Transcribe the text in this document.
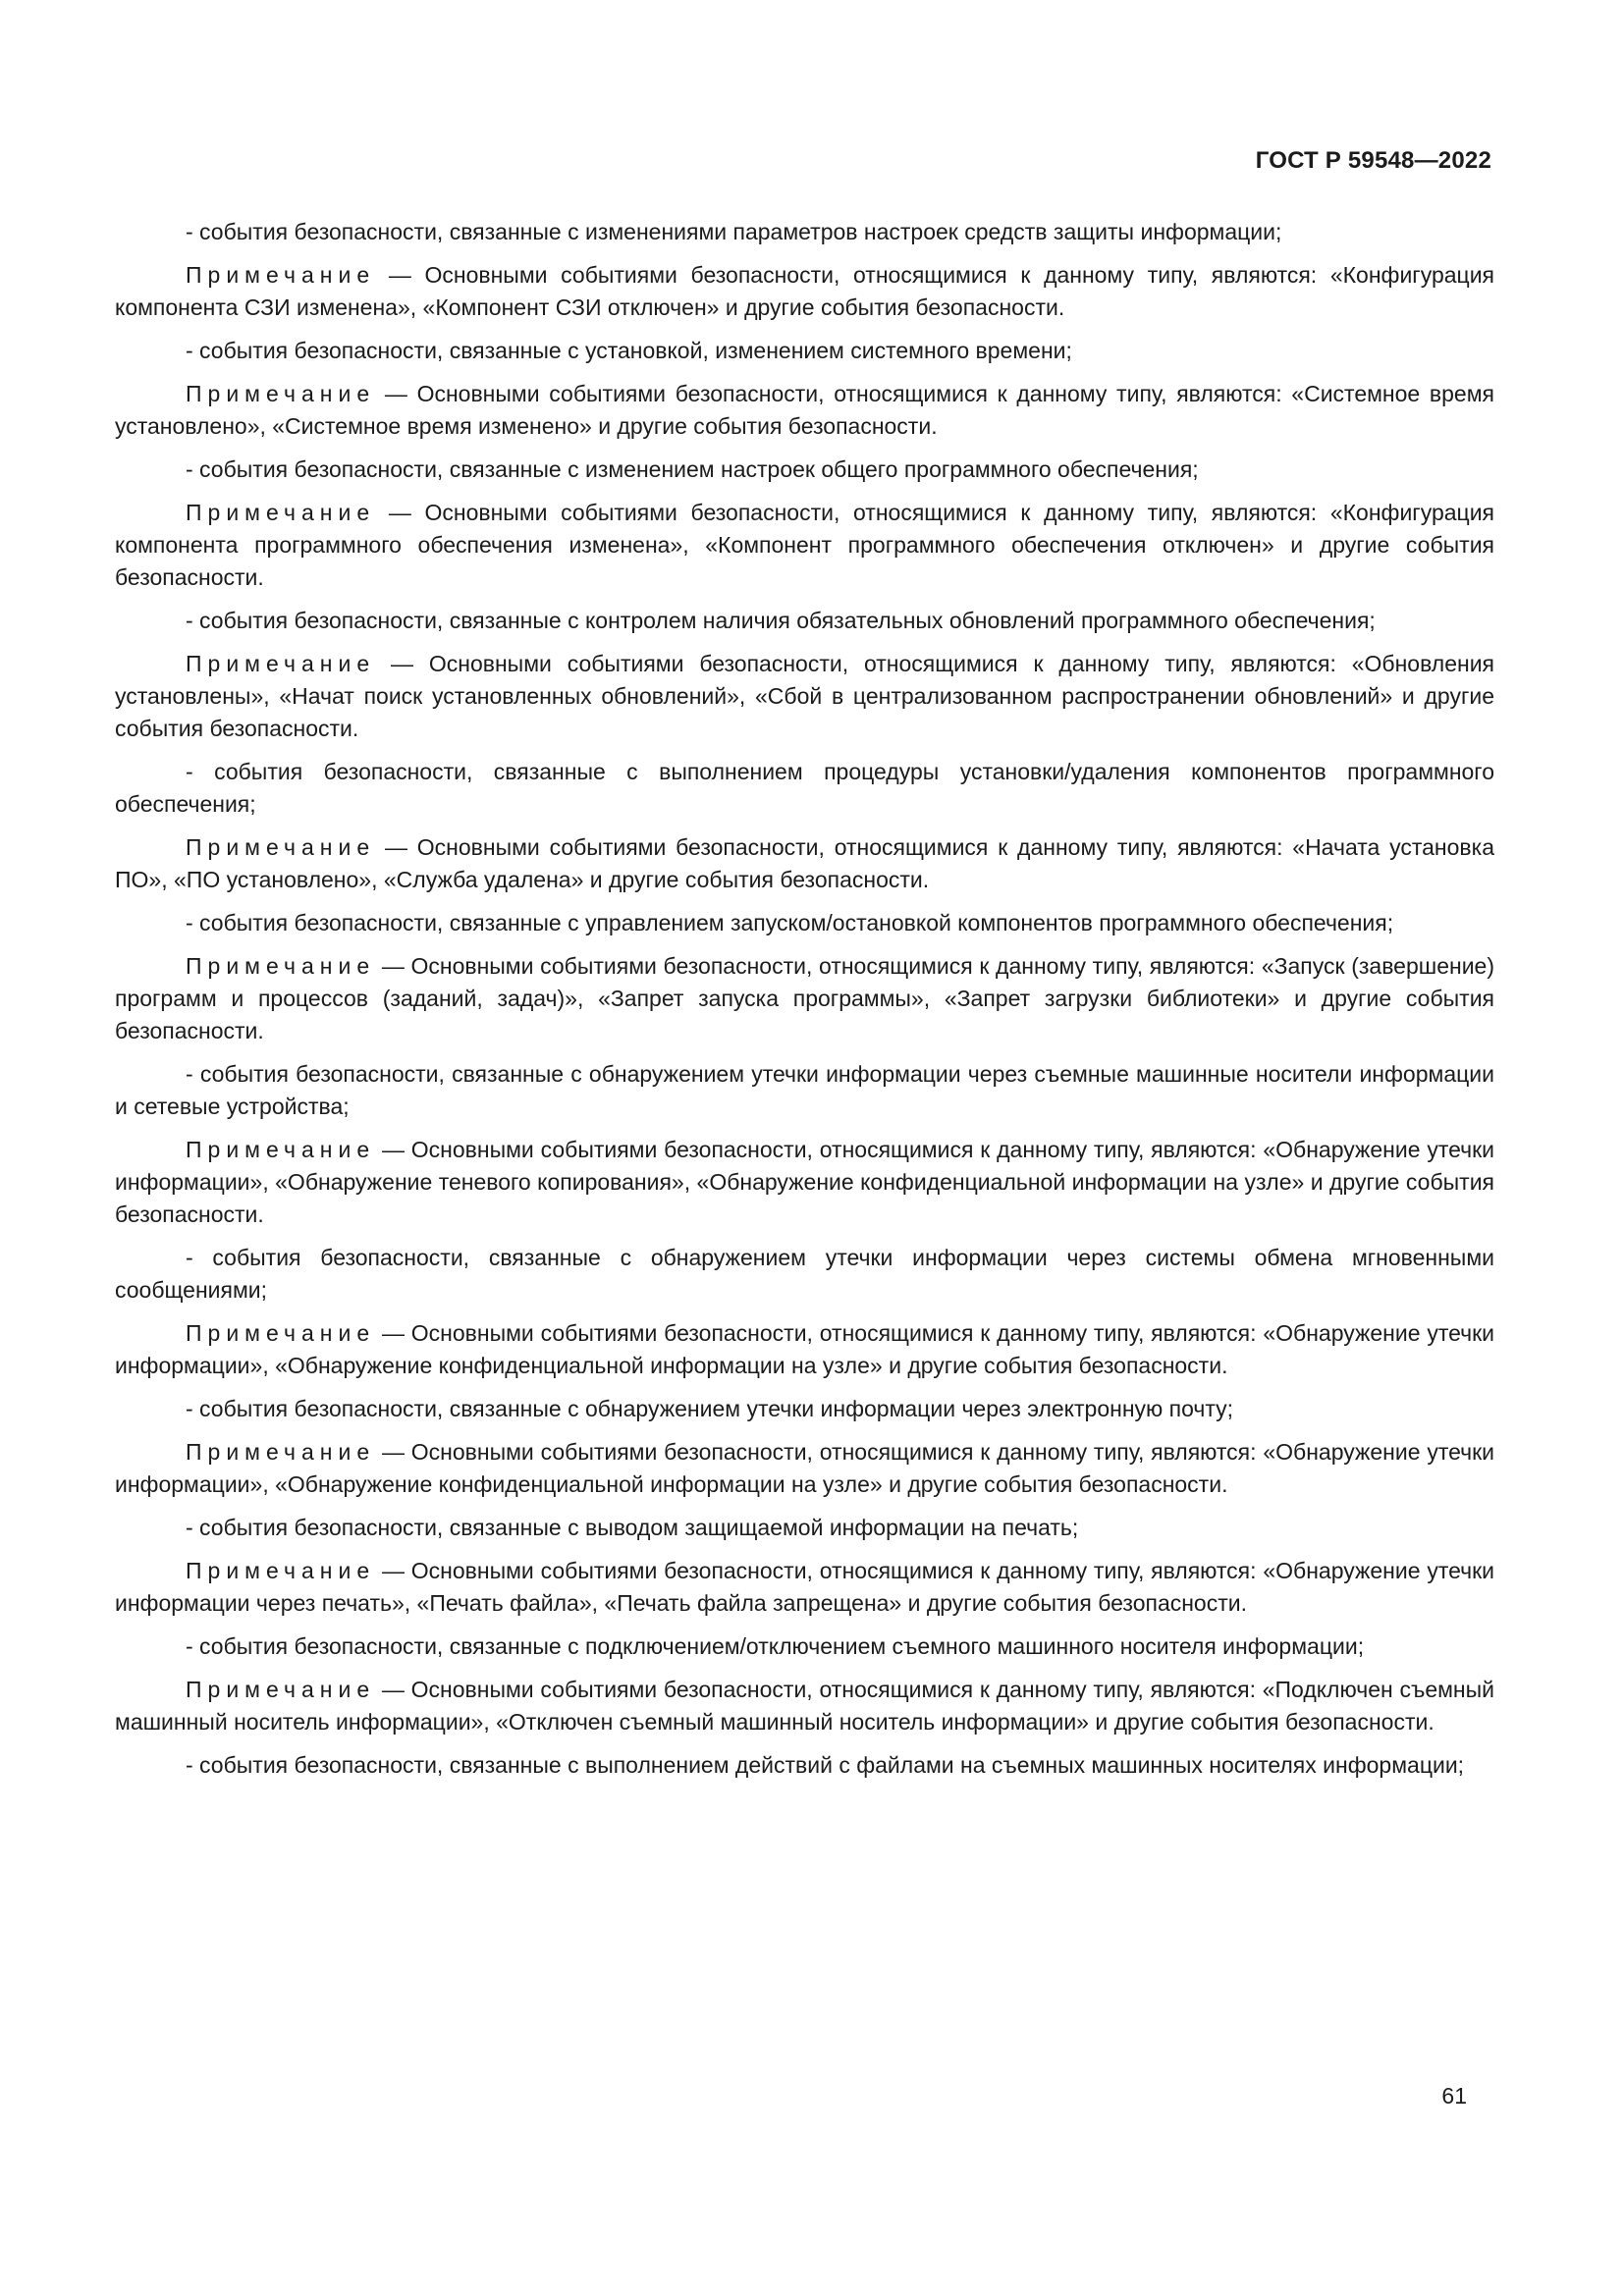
ГОСТ Р 59548—2022

- события безопасности, связанные с изменениями параметров настроек средств защиты информации;

Примечание — Основными событиями безопасности, относящимися к данному типу, являются: «Конфигурация компонента СЗИ изменена», «Компонент СЗИ отключен» и другие события безопасности.

- события безопасности, связанные с установкой, изменением системного времени;

Примечание — Основными событиями безопасности, относящимися к данному типу, являются: «Системное время установлено», «Системное время изменено» и другие события безопасности.

- события безопасности, связанные с изменением настроек общего программного обеспечения;

Примечание — Основными событиями безопасности, относящимися к данному типу, являются: «Конфигурация компонента программного обеспечения изменена», «Компонент программного обеспечения отключен» и другие события безопасности.

- события безопасности, связанные с контролем наличия обязательных обновлений программного обеспечения;

Примечание — Основными событиями безопасности, относящимися к данному типу, являются: «Обновления установлены», «Начат поиск установленных обновлений», «Сбой в централизованном распространении обновлений» и другие события безопасности.

- события безопасности, связанные с выполнением процедуры установки/удаления компонентов программного обеспечения;

Примечание — Основными событиями безопасности, относящимися к данному типу, являются: «Начата установка ПО», «ПО установлено», «Служба удалена» и другие события безопасности.

- события безопасности, связанные с управлением запуском/остановкой компонентов программного обеспечения;

Примечание — Основными событиями безопасности, относящимися к данному типу, являются: «Запуск (завершение) программ и процессов (заданий, задач)», «Запрет запуска программы», «Запрет загрузки библиотеки» и другие события безопасности.

- события безопасности, связанные с обнаружением утечки информации через съемные машинные носители информации и сетевые устройства;

Примечание — Основными событиями безопасности, относящимися к данному типу, являются: «Обнаружение утечки информации», «Обнаружение теневого копирования», «Обнаружение конфиденциальной информации на узле» и другие события безопасности.

- события безопасности, связанные с обнаружением утечки информации через системы обмена мгновенными сообщениями;

Примечание — Основными событиями безопасности, относящимися к данному типу, являются: «Обнаружение утечки информации», «Обнаружение конфиденциальной информации на узле» и другие события безопасности.

- события безопасности, связанные с обнаружением утечки информации через электронную почту;

Примечание — Основными событиями безопасности, относящимися к данному типу, являются: «Обнаружение утечки информации», «Обнаружение конфиденциальной информации на узле» и другие события безопасности.

- события безопасности, связанные с выводом защищаемой информации на печать;

Примечание — Основными событиями безопасности, относящимися к данному типу, являются: «Обнаружение утечки информации через печать», «Печать файла», «Печать файла запрещена» и другие события безопасности.

- события безопасности, связанные с подключением/отключением съемного машинного носителя информации;

Примечание — Основными событиями безопасности, относящимися к данному типу, являются: «Подключен съемный машинный носитель информации», «Отключен съемный машинный носитель информации» и другие события безопасности.

- события безопасности, связанные с выполнением действий с файлами на съемных машинных носителях информации;

61
